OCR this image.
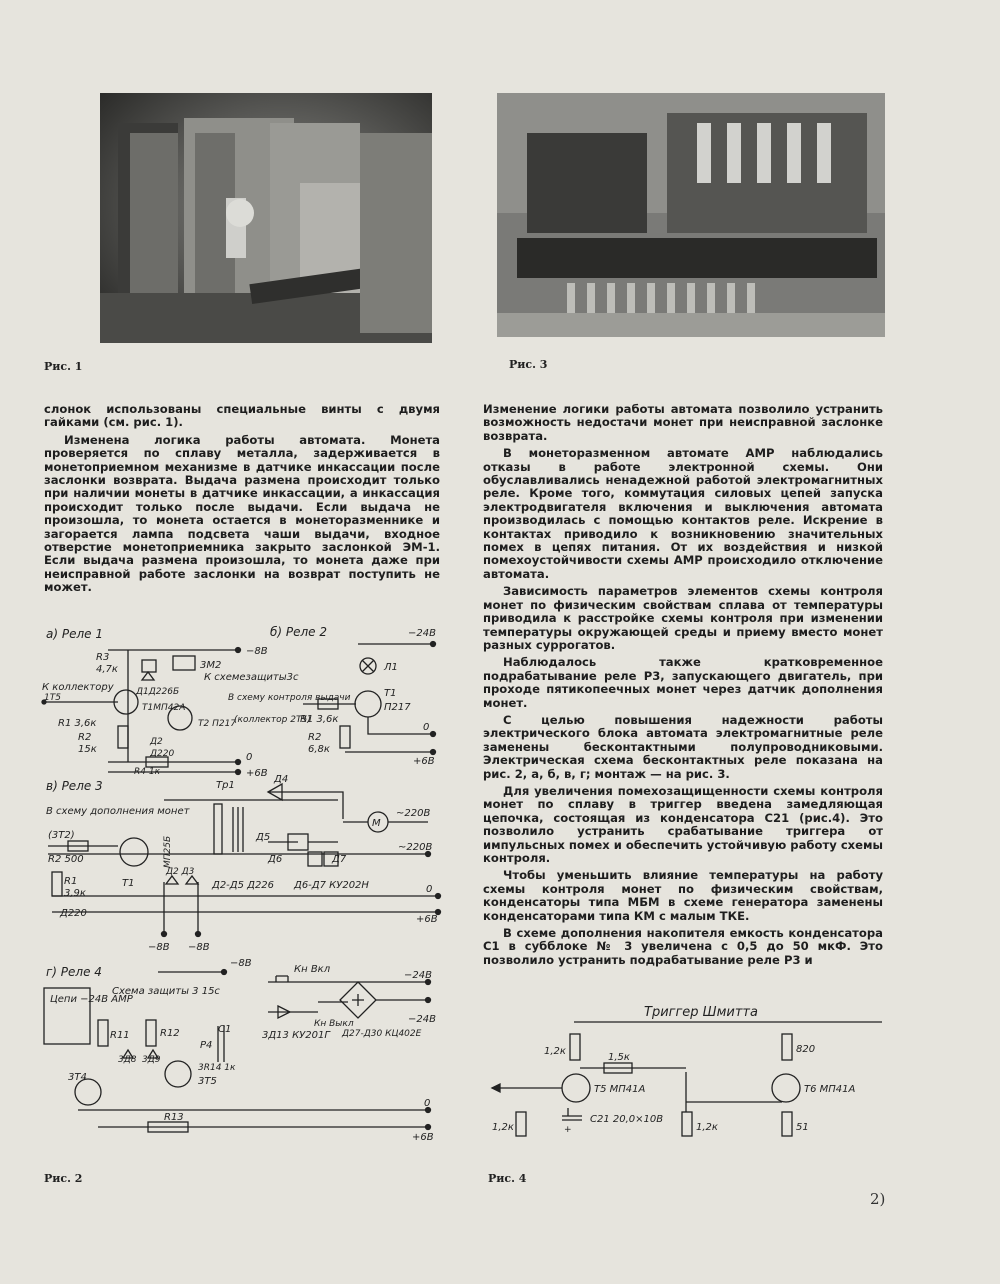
Рис. 1	Рис. 3

слонок использованы специальные винты с двумя гайками (см. рис. 1).

Изменена логика работы автомата. Монета проверяется по сплаву металла, задерживается в монетоприемном механизме в датчике инкассации после заслонки возврата. Выдача размена происходит только при наличии монеты в датчике инкассации, а инкассация происходит только после выдачи. Если выдача не произошла, то монета остается в монеторазменнике и загорается лампа подсвета чаши выдачи, входное отверстие монетоприемника закрыто заслонкой ЭМ-1. Если выдача размена произошла, то монета даже при неисправной работе заслонки на возврат поступить не может.

Изменение логики работы автомата позволило устранить возможность недостачи монет при неисправной заслонке возврата.

В монеторазменном автомате АМР наблюдались отказы в работе электронной схемы. Они обуславливались ненадежной работой электромагнитных реле. Кроме того, коммутация силовых цепей запуска электродвигателя включения и выключения автомата производилась с помощью контактов реле. Искрение в контактах приводило к возникновению значительных помех в цепях питания. От их воздействия и низкой помехоустойчивости схемы АМР происходило отключение автомата.

Зависимость параметров элементов схемы контроля монет по физическим свойствам сплава от температуры приводила к расстройке схемы контроля при изменении температуры окружающей среды и приему вместо монет разных суррогатов.

Наблюдалось также кратковременное подрабатывание реле Р3, запускающего двигатель, при проходе пятикопеечных монет через датчик дополнения монет.

С целью повышения надежности работы электрического блока автомата электромагнитные реле заменены бесконтактными полупроводниковыми. Электрическая схема бесконтактных реле показана на рис. 2, а, б, в, г; монтаж — на рис. 3.

Для увеличения помехозащищенности схемы контроля монет по сплаву в триггер введена замедляющая цепочка, состоящая из конденсатора С21 (рис.4). Это позволило устранить срабатывание триггера от импульсных помех и обеспечить устойчивую работу схемы контроля.

Чтобы уменьшить влияние температуры на работу схемы контроля монет по физическим свойствам, конденсаторы типа МБМ в схеме генератора заменены конденсаторами типа КМ с малым ТКЕ.

В схеме дополнения накопителя емкость конденсатора С1 в субблоке № 3 увеличена с 0,5 до 50 мкФ. Это позволило устранить подрабатывание реле Р3 и

а) Реле 1	б) Реле 2
−8В
R3
4,7к	3М2
К схемезащиты3с
К коллектору
1Т5
Д1Д226Б
Т1МП42А
R1 3,6к
R2
15к
Д2
Д220
Т2 П217
R4 1к
0
+6В
−24В
Л1
В схему контроля выдачи
(коллектор 2Т5)
R1 3,6к
Т1
П217
R2
6,8к
0
+6В
в) Реле 3	Тр1
Д4
M
~220В
Д5
Д6	Д7
В схему дополнения монет
(3Т2)
R2 500	МП25Б
Т1
R1
3,9к
Д220
Д2 Д3
Д2-Д5 Д226 Д6-Д7 КУ202Н
~220В
0
+6В
−8В −8В
г) Реле 4
−8В
Кн Вкл
−24В
Цепи −24В АМР
Схема защиты 3 15с
R11	R12	С1
Р4
3Д13 КУ201Г
Кн Выкл
Д27-Д30 КЦ402Е
−24В
3Д8 3Д9
3R14 1к
3Т4	3Т5
0
R13
+6В
Рис. 2
Триггер Шмитта
1,2к
1,5к
820
Т5 МП41А	Т6 МП41А
1,2к	+
С21 20,0×10В
1,2к	51
Рис. 4
2)
